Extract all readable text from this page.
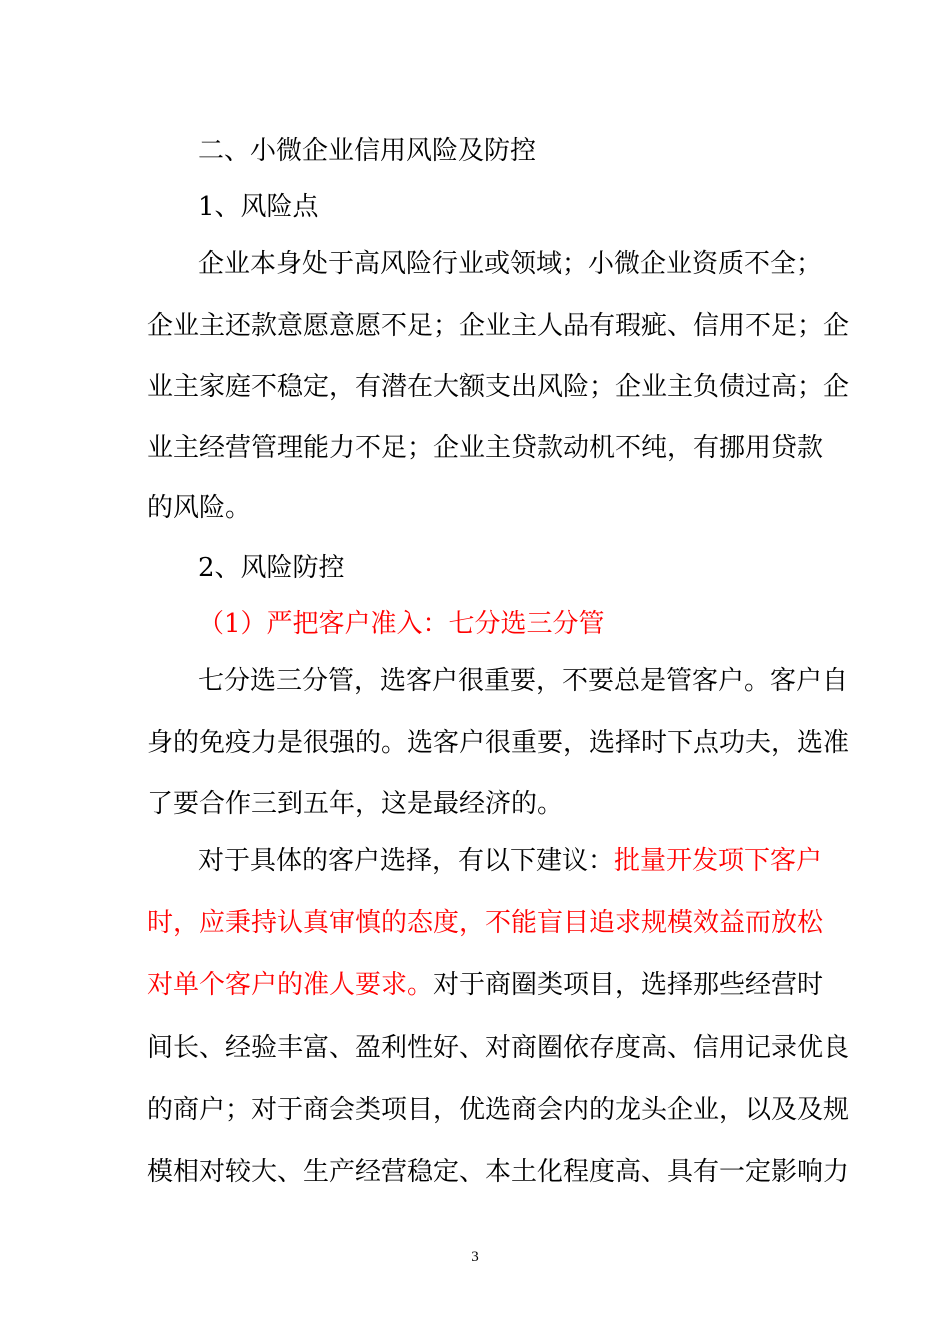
二、小微企业信用风险及防控
1、风险点
企业本身处于高风险行业或领域；小微企业资质不全；
企业主还款意愿意愿不足；企业主人品有瑕疵、信用不足；企
业主家庭不稳定，有潜在大额支出风险；企业主负债过高；企
业主经营管理能力不足；企业主贷款动机不纯，有挪用贷款
的风险。
2、风险防控
（1）严把客户准入：七分选三分管
七分选三分管，选客户很重要，不要总是管客户。客户自
身的免疫力是很强的。选客户很重要，选择时下点功夫，选准
了要合作三到五年，这是最经济的。
对于具体的客户选择，有以下建议：批量开发项下客户
时，应秉持认真审慎的态度，不能盲目追求规模效益而放松
对单个客户的准人要求。对于商圈类项目，选择那些经营时
间长、经验丰富、盈利性好、对商圈依存度高、信用记录优良
的商户；对于商会类项目，优选商会内的龙头企业，以及及规
模相对较大、生产经营稳定、本土化程度高、具有一定影响力
3
